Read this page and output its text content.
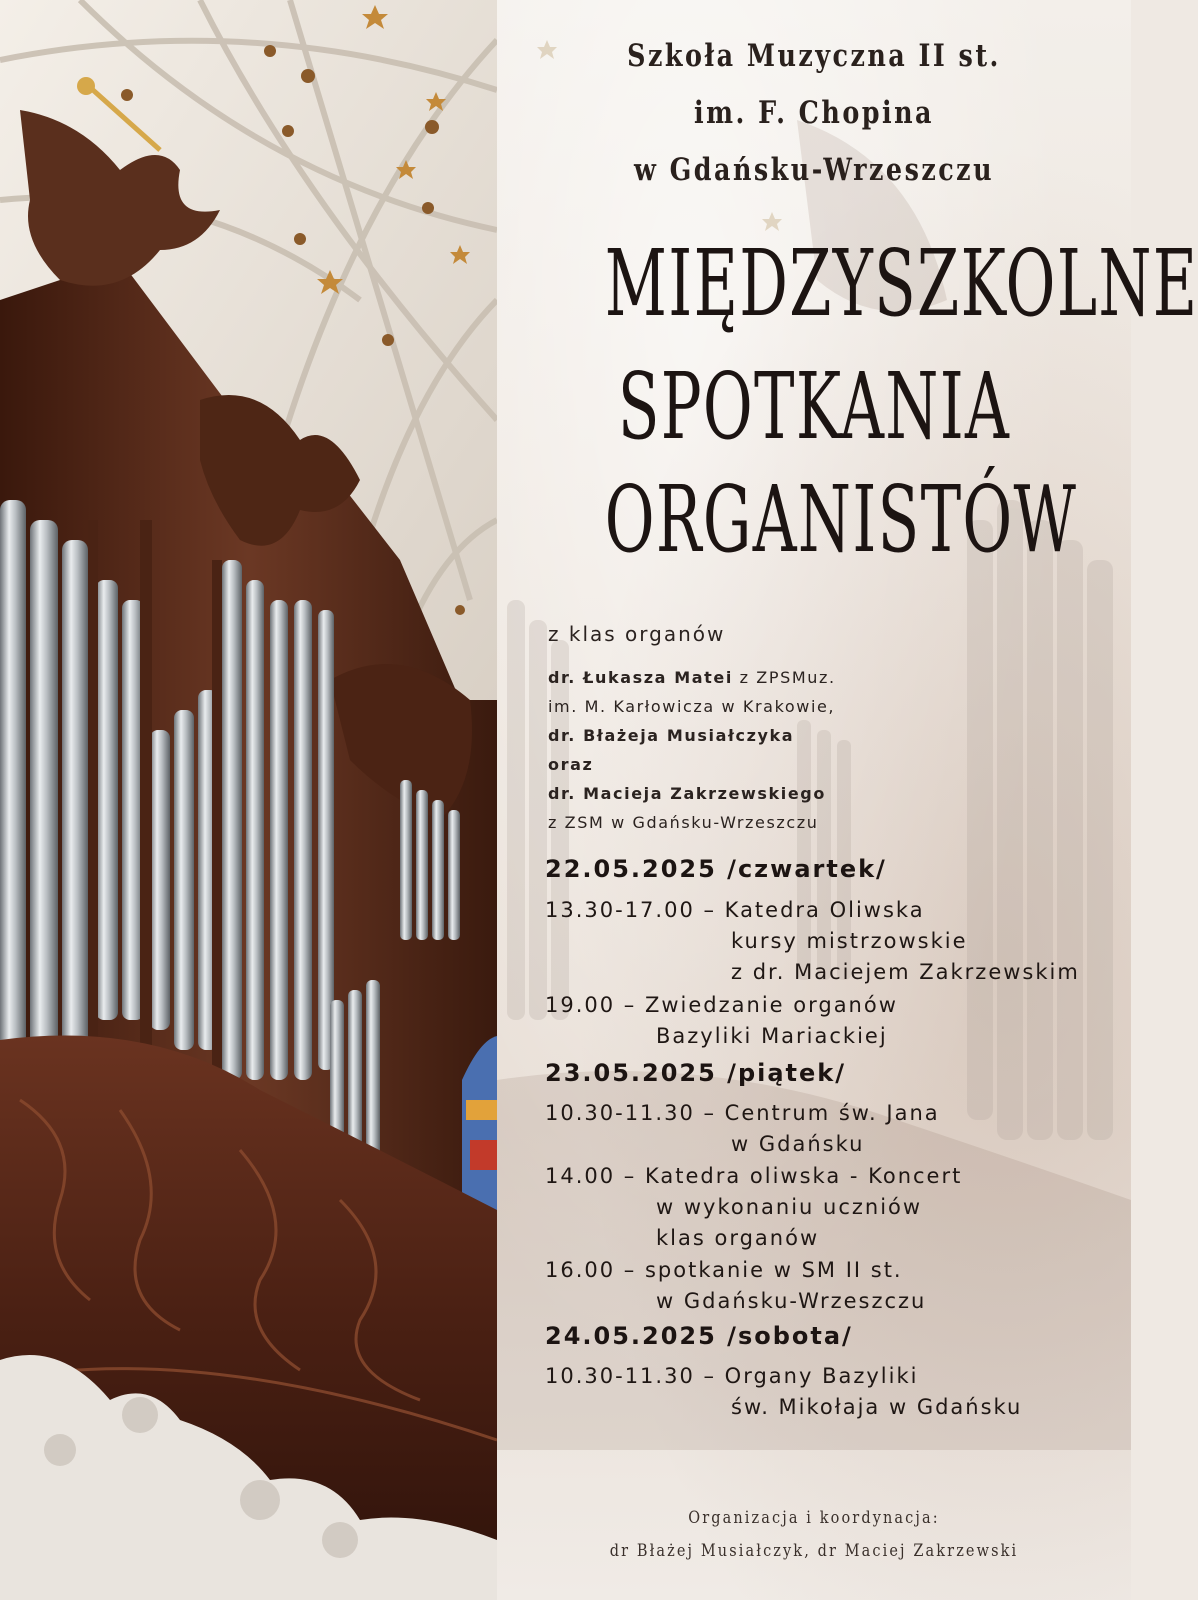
Szkoła Muzyczna II st.
im. F. Chopina
w Gdańsku-Wrzeszczu
MIĘDZYSZKOLNE
SPOTKANIA
ORGANISTÓW
z klas organów
dr. Łukasza Matei z ZPSMuz.
im. M. Karłowicza w Krakowie,
dr. Błażeja Musiałczyka
oraz
dr. Macieja Zakrzewskiego
z ZSM w Gdańsku-Wrzeszczu
22.05.2025 /czwartek/
13.30-17.00 – Katedra Oliwska
kursy mistrzowskie
z dr. Maciejem Zakrzewskim
19.00 – Zwiedzanie organów
Bazyliki Mariackiej
23.05.2025 /piątek/
10.30-11.30 – Centrum św. Jana
w Gdańsku
14.00 – Katedra oliwska - Koncert
w wykonaniu uczniów
klas organów
16.00 – spotkanie w SM II st.
w Gdańsku-Wrzeszczu
24.05.2025 /sobota/
10.30-11.30 – Organy Bazyliki
św. Mikołaja w Gdańsku
Organizacja i koordynacja:
dr Błażej Musiałczyk, dr Maciej Zakrzewski
